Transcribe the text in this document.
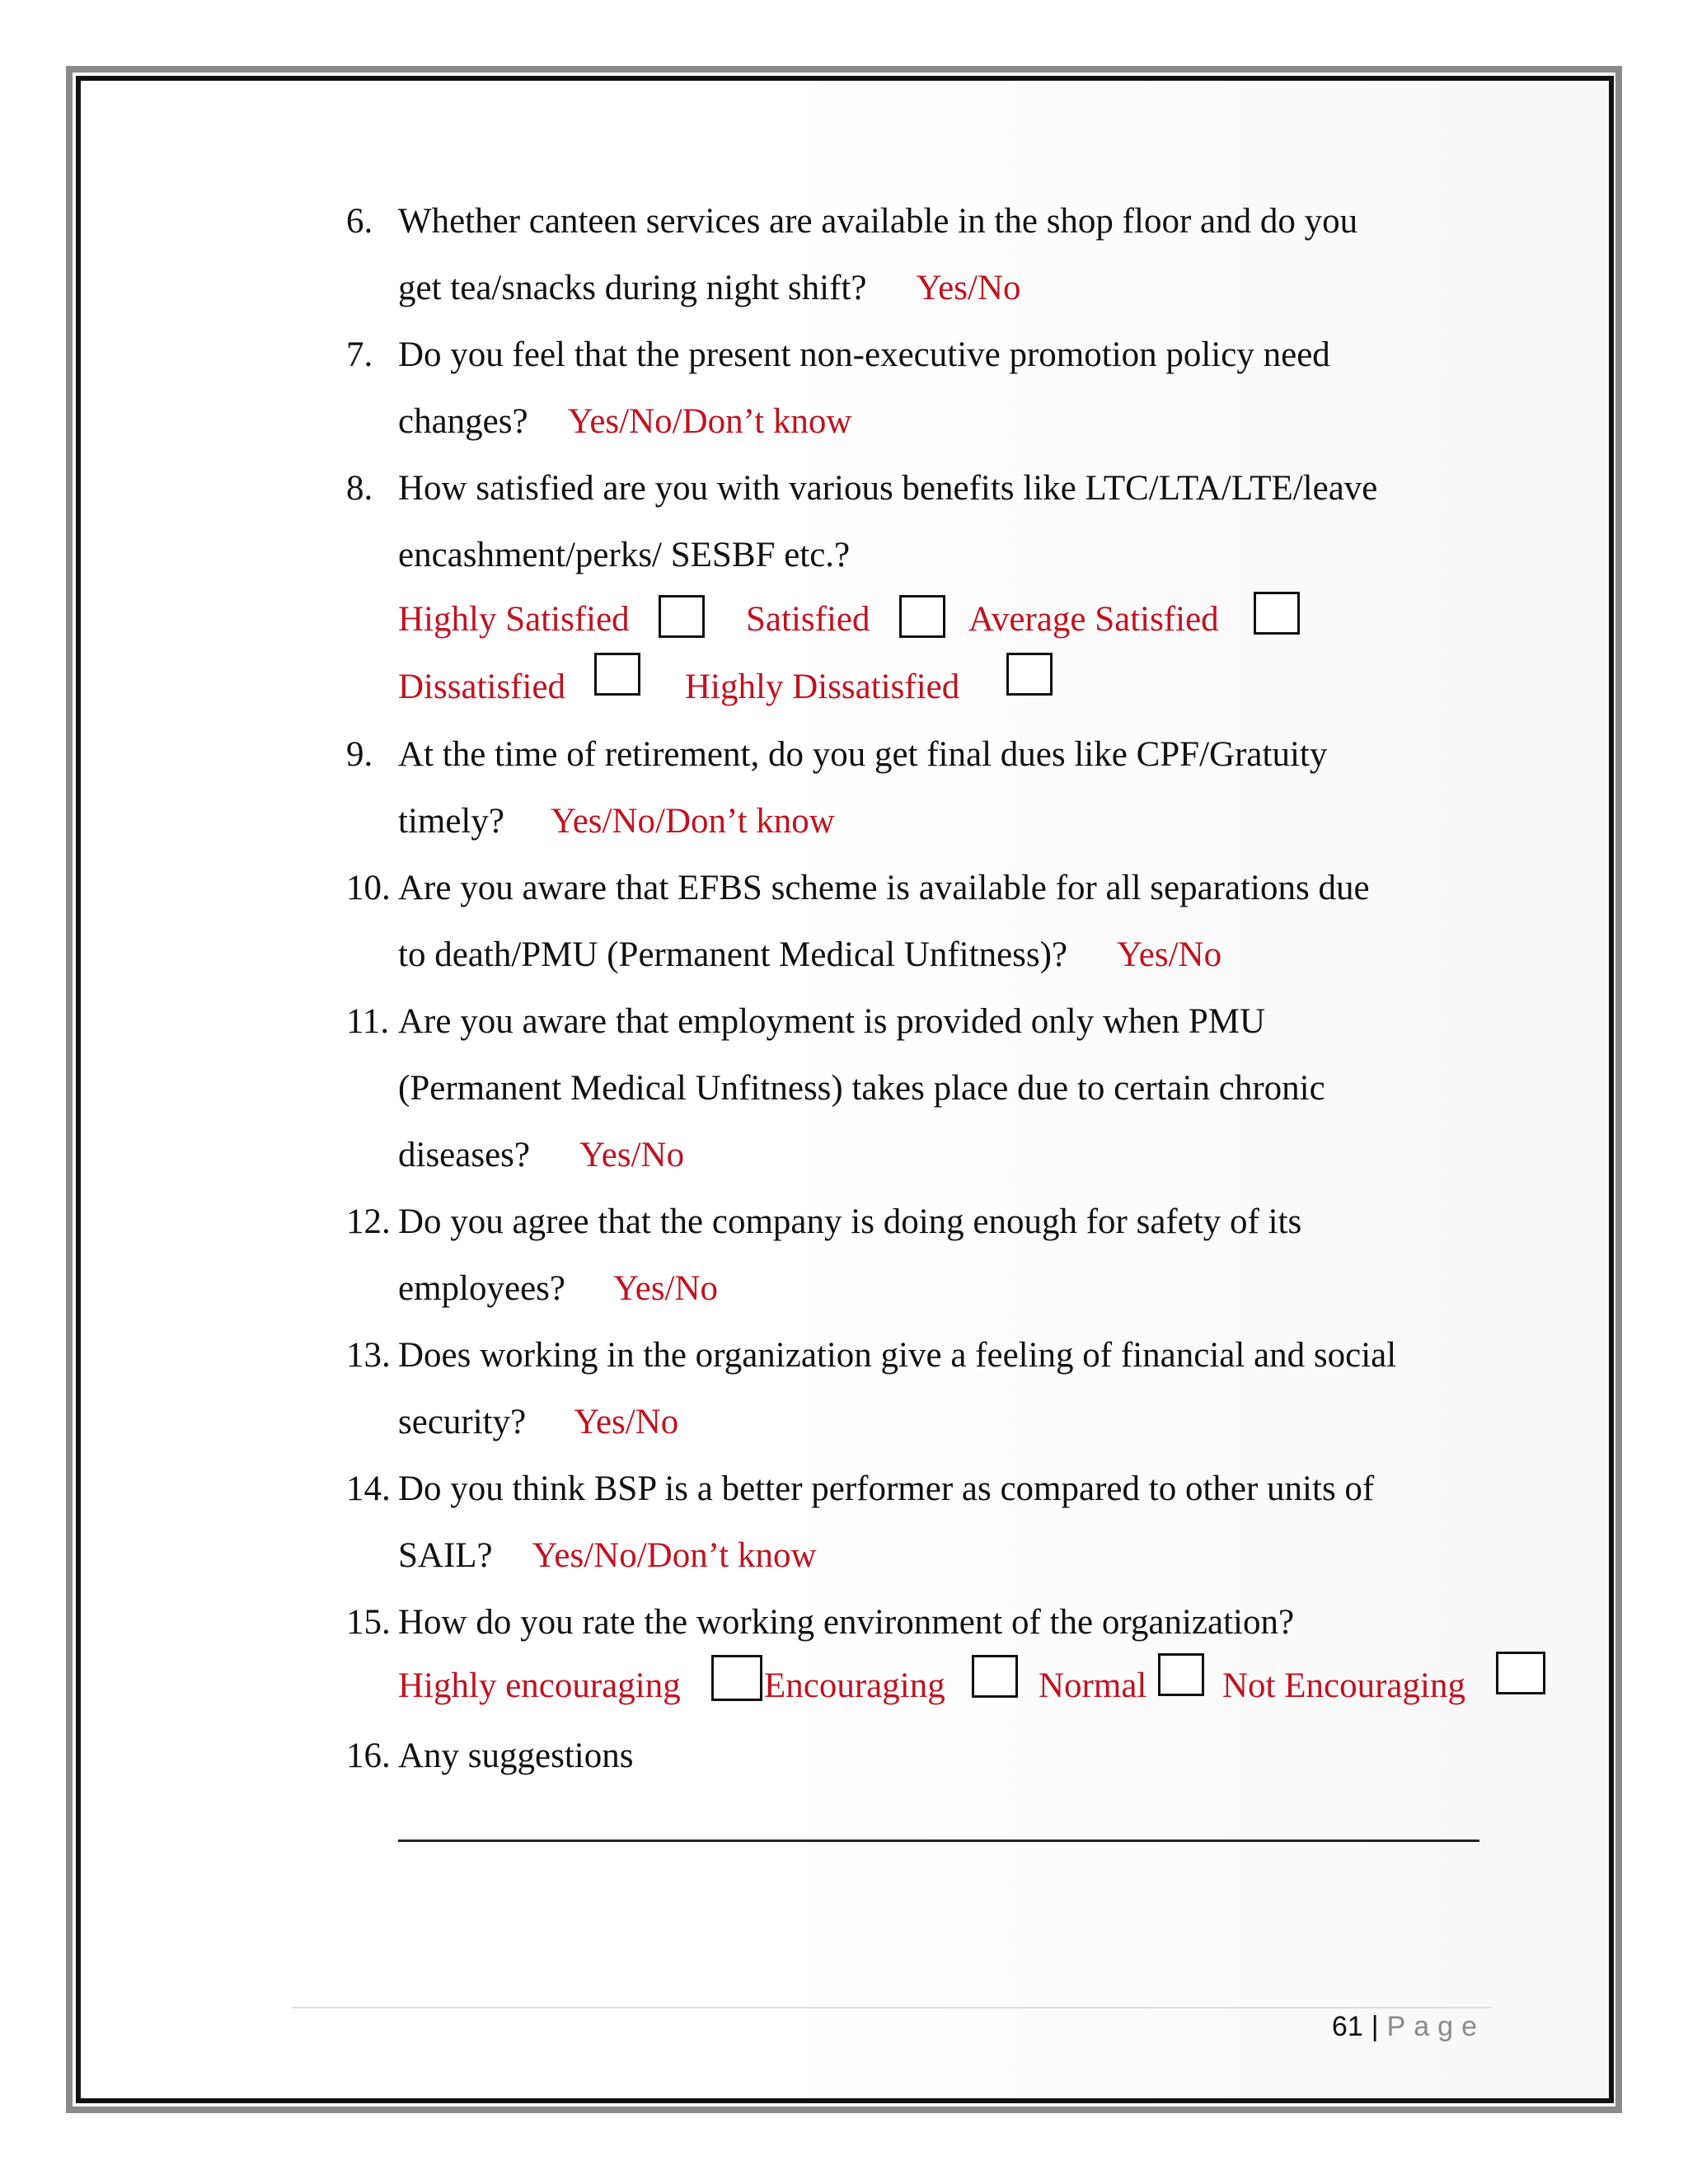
6. Whether canteen services are available in the shop floor and do you
get tea/snacks during night shift? Yes/No
7. Do you feel that the present non-executive promotion policy need
changes? Yes/No/Don’t know
8. How satisfied are you with various benefits like LTC/LTA/LTE/leave
encashment/perks/ SESBF etc.?
Highly Satisfied	Satisfied	Average Satisfied
Dissatisfied	Highly Dissatisfied
9. At the time of retirement, do you get final dues like CPF/Gratuity
timely? Yes/No/Don’t know
10. Are you aware that EFBS scheme is available for all separations due
to death/PMU (Permanent Medical Unfitness)? Yes/No
11. Are you aware that employment is provided only when PMU
(Permanent Medical Unfitness) takes place due to certain chronic
diseases? Yes/No
12. Do you agree that the company is doing enough for safety of its
employees? Yes/No
13. Does working in the organization give a feeling of financial and social
security? Yes/No
14. Do you think BSP is a better performer as compared to other units of
SAIL? Yes/No/Don’t know
15. How do you rate the working environment of the organization?
Highly encouraging Encouraging	Normal Not Encouraging
16. Any suggestions
61 | Page
